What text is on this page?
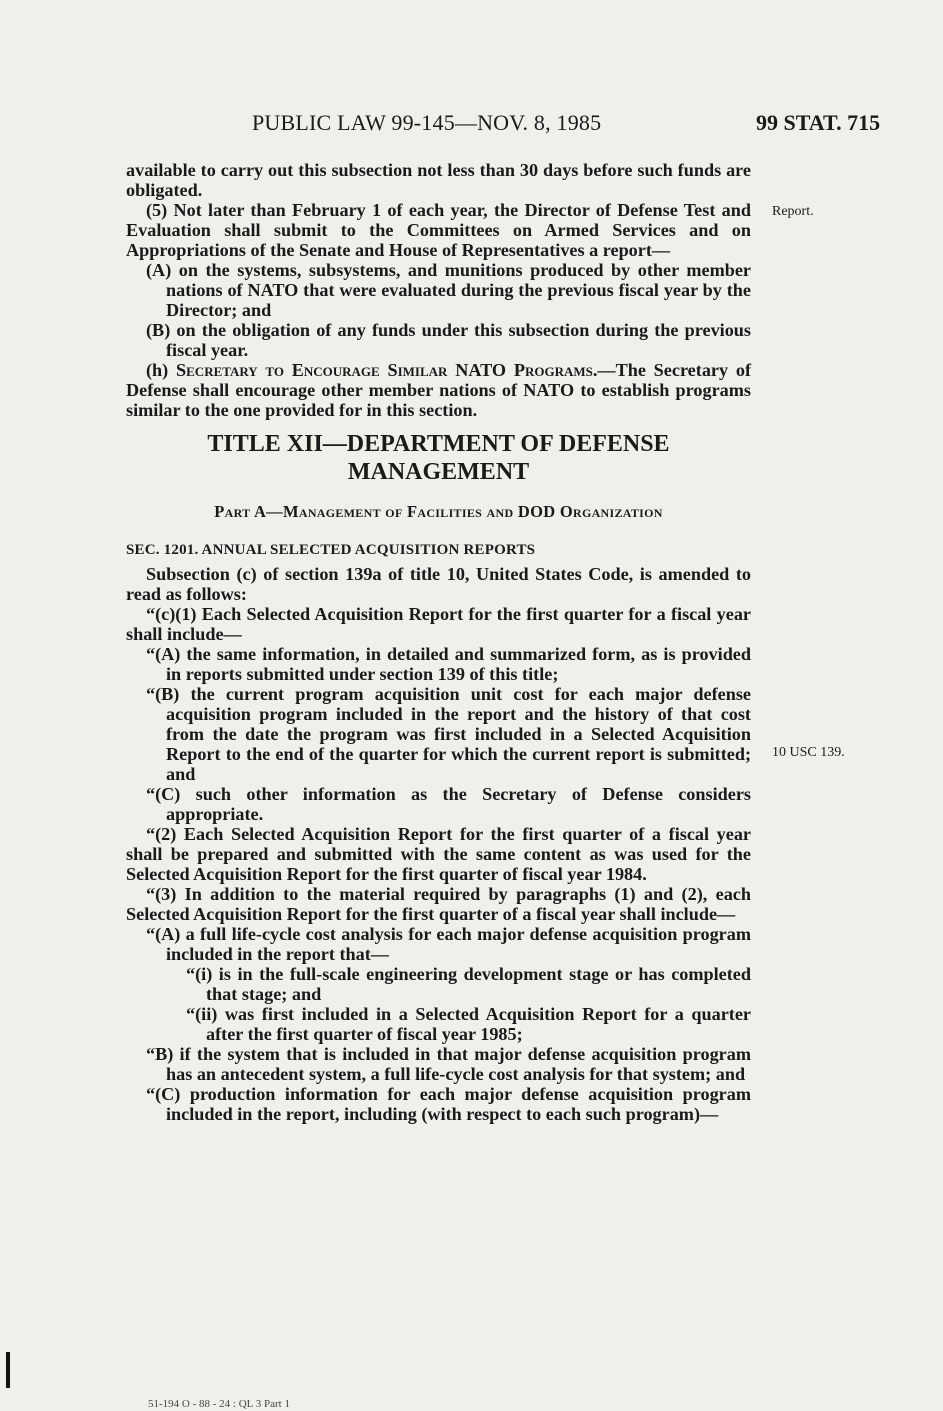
PUBLIC LAW 99-145—NOV. 8, 1985	99 STAT. 715
Report.
10 USC 139.

available to carry out this subsection not less than 30 days before such funds are obligated.

(5) Not later than February 1 of each year, the Director of Defense Test and Evaluation shall submit to the Committees on Armed Services and on Appropriations of the Senate and House of Representatives a report—

(A) on the systems, subsystems, and munitions produced by other member nations of NATO that were evaluated during the previous fiscal year by the Director; and

(B) on the obligation of any funds under this subsection during the previous fiscal year.

(h) Secretary to Encourage Similar NATO Programs.—The Secretary of Defense shall encourage other member nations of NATO to establish programs similar to the one provided for in this section.

TITLE XII—DEPARTMENT OF DEFENSE
MANAGEMENT
Part A—Management of Facilities and DOD Organization
SEC. 1201. ANNUAL SELECTED ACQUISITION REPORTS

Subsection (c) of section 139a of title 10, United States Code, is amended to read as follows:

“(c)(1) Each Selected Acquisition Report for the first quarter for a fiscal year shall include—

“(A) the same information, in detailed and summarized form, as is provided in reports submitted under section 139 of this title;

“(B) the current program acquisition unit cost for each major defense acquisition program included in the report and the history of that cost from the date the program was first included in a Selected Acquisition Report to the end of the quarter for which the current report is submitted; and

“(C) such other information as the Secretary of Defense considers appropriate.

“(2) Each Selected Acquisition Report for the first quarter of a fiscal year shall be prepared and submitted with the same content as was used for the Selected Acquisition Report for the first quarter of fiscal year 1984.

“(3) In addition to the material required by paragraphs (1) and (2), each Selected Acquisition Report for the first quarter of a fiscal year shall include—

“(A) a full life-cycle cost analysis for each major defense acquisition program included in the report that—

“(i) is in the full-scale engineering development stage or has completed that stage; and

“(ii) was first included in a Selected Acquisition Report for a quarter after the first quarter of fiscal year 1985;

“B) if the system that is included in that major defense acquisition program has an antecedent system, a full life-cycle cost analysis for that system; and

“(C) production information for each major defense acquisition program included in the report, including (with respect to each such program)—

51-194 O - 88 - 24 : QL 3 Part 1
